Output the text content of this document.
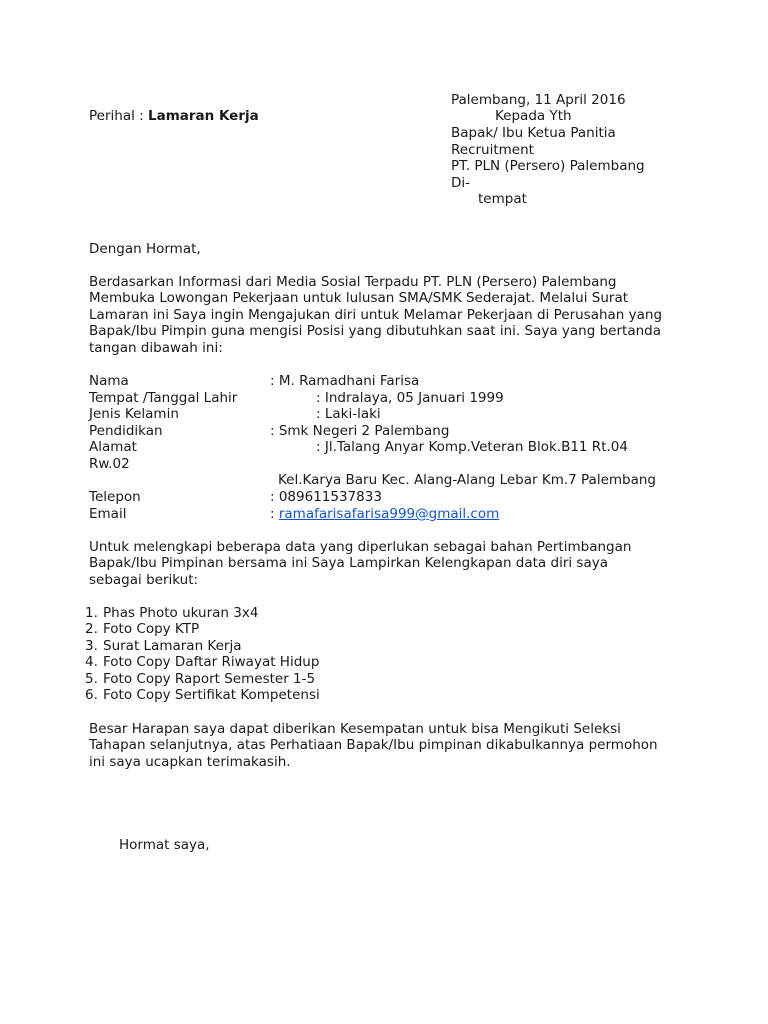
Palembang, 11 April 2016
Perihal : Lamaran Kerja	Kepada Yth
Bapak/ Ibu Ketua Panitia
Recruitment
PT. PLN (Persero) Palembang
Di-
tempat
Dengan Hormat,
Berdasarkan Informasi dari Media Sosial Terpadu PT. PLN (Persero) Palembang
Membuka Lowongan Pekerjaan untuk lulusan SMA/SMK Sederajat. Melalui Surat
Lamaran ini Saya ingin Mengajukan diri untuk Melamar Pekerjaan di Perusahan yang
Bapak/Ibu Pimpin guna mengisi Posisi yang dibutuhkan saat ini. Saya yang bertanda
tangan dibawah ini:
Nama	: M. Ramadhani Farisa
Tempat /Tanggal Lahir	: Indralaya, 05 Januari 1999
Jenis Kelamin	: Laki-laki
Pendidikan	: Smk Negeri 2 Palembang
Alamat	: Jl.Talang Anyar Komp.Veteran Blok.B11 Rt.04
Rw.02
Kel.Karya Baru Kec. Alang-Alang Lebar Km.7 Palembang
Telepon	: 089611537833
Email	: ramafarisafarisa999@gmail.com
Untuk melengkapi beberapa data yang diperlukan sebagai bahan Pertimbangan
Bapak/Ibu Pimpinan bersama ini Saya Lampirkan Kelengkapan data diri saya
sebagai berikut:
1. Phas Photo ukuran 3x4
2. Foto Copy KTP
3. Surat Lamaran Kerja
4. Foto Copy Daftar Riwayat Hidup
5. Foto Copy Raport Semester 1-5
6. Foto Copy Sertifikat Kompetensi
Besar Harapan saya dapat diberikan Kesempatan untuk bisa Mengikuti Seleksi
Tahapan selanjutnya, atas Perhatiaan Bapak/Ibu pimpinan dikabulkannya permohon
ini saya ucapkan terimakasih.
Hormat saya,
